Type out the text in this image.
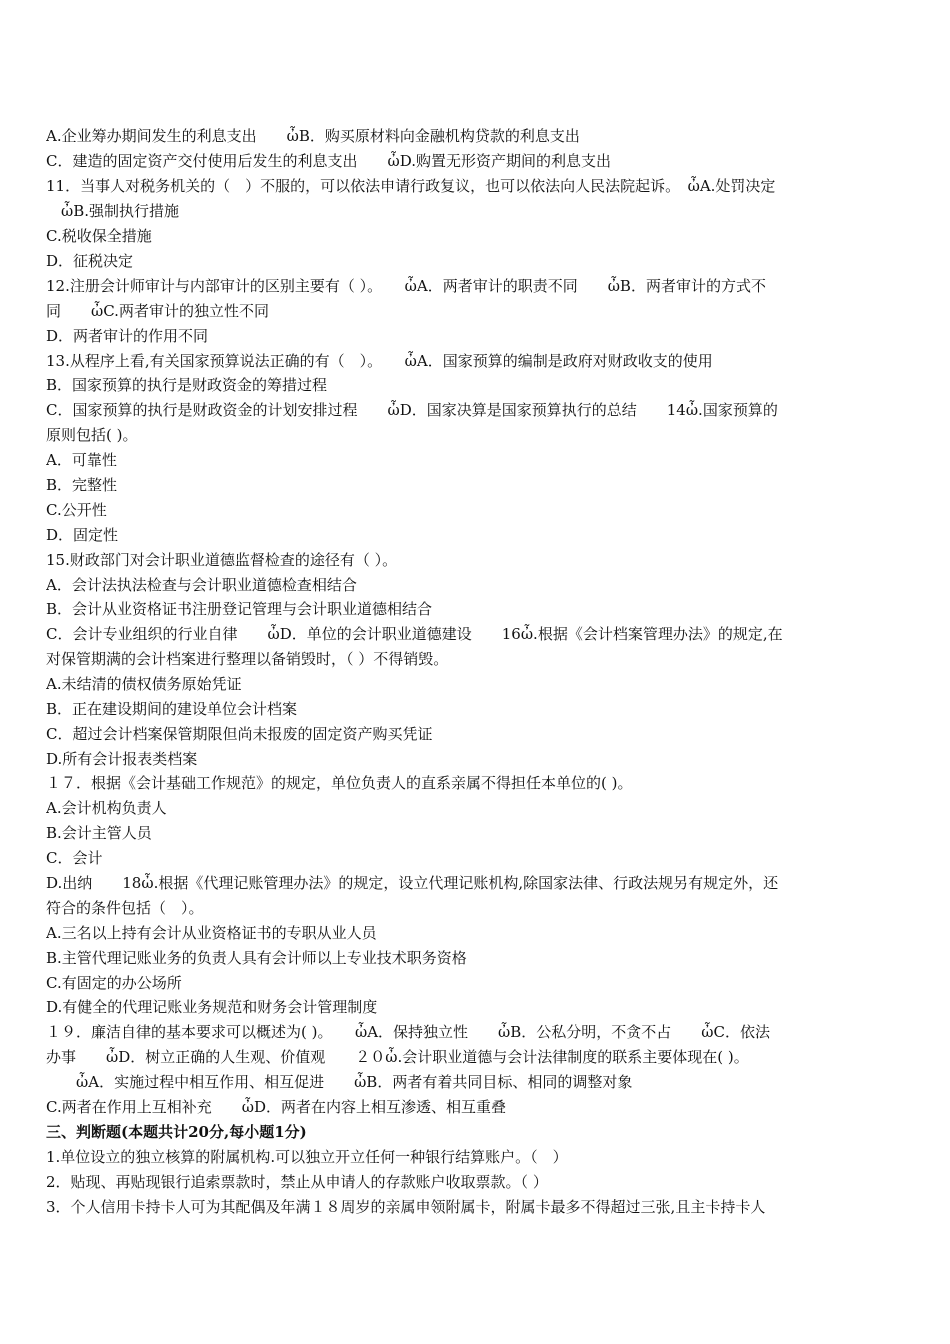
A.企业筹办期间发生的利息支出　　ὦB．购买原材料向金融机构贷款的利息支出
C．建造的固定资产交付使用后发生的利息支出　　ὦD.购置无形资产期间的利息支出
11．当事人对税务机关的（　）不服的，可以依法申请行政复议，也可以依法向人民法院起诉。　ὦA.处罚决定
　ὦB.强制执行措施
C.税收保全措施
D．征税决定
12.注册会计师审计与内部审计的区别主要有（ ）。　　ὦA．两者审计的职责不同　　ὦB．两者审计的方式不
同　　ὦC.两者审计的独立性不同
D．两者审计的作用不同
13.从程序上看,有关国家预算说法正确的有（　）。　　ὦA．国家预算的编制是政府对财政收支的使用
B．国家预算的执行是财政资金的筹措过程
C．国家预算的执行是财政资金的计划安排过程　　ὦD．国家决算是国家预算执行的总结　　14ὦ.国家预算的
原则包括( )。
A．可靠性
B．完整性
C.公开性
D．固定性
15.财政部门对会计职业道德监督检查的途径有（ ）。
A．会计法执法检查与会计职业道德检查相结合
B．会计从业资格证书注册登记管理与会计职业道德相结合
C．会计专业组织的行业自律　　ὦD．单位的会计职业道德建设　　16ὦ.根据《会计档案管理办法》的规定,在
对保管期满的会计档案进行整理以备销毁时，（ ）不得销毁。
A.未结清的债权债务原始凭证
B．正在建设期间的建设单位会计档案
C．超过会计档案保管期限但尚未报废的固定资产购买凭证
D.所有会计报表类档案
１７．根据《会计基础工作规范》的规定，单位负责人的直系亲属不得担任本单位的( )。
A.会计机构负责人
B.会计主管人员
C．会计
D.出纳　　18ὦ.根据《代理记账管理办法》的规定，设立代理记账机构,除国家法律、行政法规另有规定外，还
符合的条件包括（　）。
A.三名以上持有会计从业资格证书的专职从业人员
B.主管代理记账业务的负责人具有会计师以上专业技术职务资格
C.有固定的办公场所
D.有健全的代理记账业务规范和财务会计管理制度
１９．廉洁自律的基本要求可以概述为( )。　　ὦA．保持独立性　　ὦB．公私分明，不贪不占　　ὦC．依法
办事　　ὦD．树立正确的人生观、价值观　　２０ὦ.会计职业道德与会计法律制度的联系主要体现在( )。
　　ὦA．实施过程中相互作用、相互促进　　ὦB．两者有着共同目标、相同的调整对象
C.两者在作用上互相补充　　ὦD．两者在内容上相互渗透、相互重叠
三、判断题(本题共计20分,每小题1分)
1.单位设立的独立核算的附属机构.可以独立开立任何一种银行结算账户。（　）
2．贴现、再贴现银行追索票款时，禁止从申请人的存款账户收取票款。（ ）
3．个人信用卡持卡人可为其配偶及年满１８周岁的亲属申领附属卡，附属卡最多不得超过三张,且主卡持卡人
